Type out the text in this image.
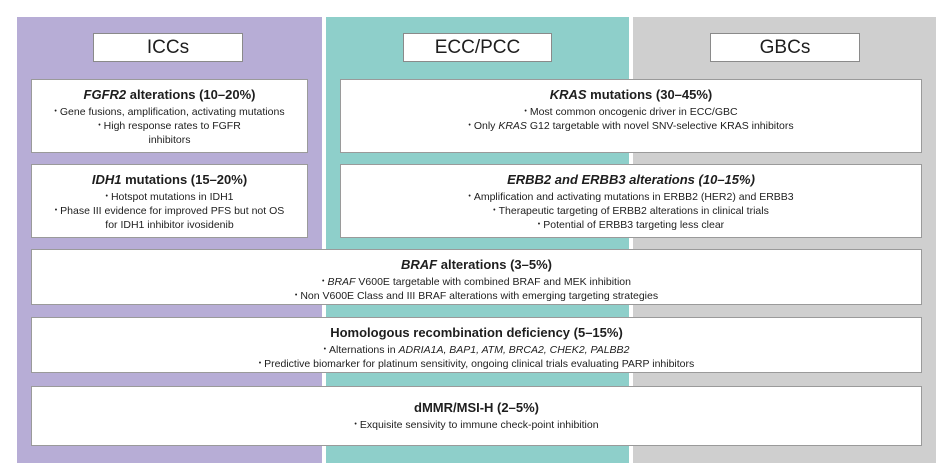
ICCs	ECC/PCC	GBCs
FGFR2 alterations (10–20%)
• Gene fusions, amplification, activating mutations
• High response rates to FGFR
inhibitors
IDH1 mutations (15–20%)
• Hotspot mutations in IDH1
• Phase III evidence for improved PFS but not OS
for IDH1 inhibitor ivosidenib
KRAS mutations (30–45%)
• Most common oncogenic driver in ECC/GBC
• Only KRAS G12 targetable with novel SNV-selective KRAS inhibitors
ERBB2 and ERBB3 alterations (10–15%)
• Amplification and activating mutations in ERBB2 (HER2) and ERBB3
• Therapeutic targeting of ERBB2 alterations in clinical trials
• Potential of ERBB3 targeting less clear
BRAF alterations (3–5%)
• BRAF V600E targetable with combined BRAF and MEK inhibition
• Non V600E Class and III BRAF alterations with emerging targeting strategies
Homologous recombination deficiency (5–15%)
• Alternations in ADRIA1A, BAP1, ATM, BRCA2, CHEK2, PALBB2
• Predictive biomarker for platinum sensitivity, ongoing clinical trials evaluating PARP inhibitors
dMMR/MSI-H (2–5%)
• Exquisite sensivity to immune check-point inhibition
